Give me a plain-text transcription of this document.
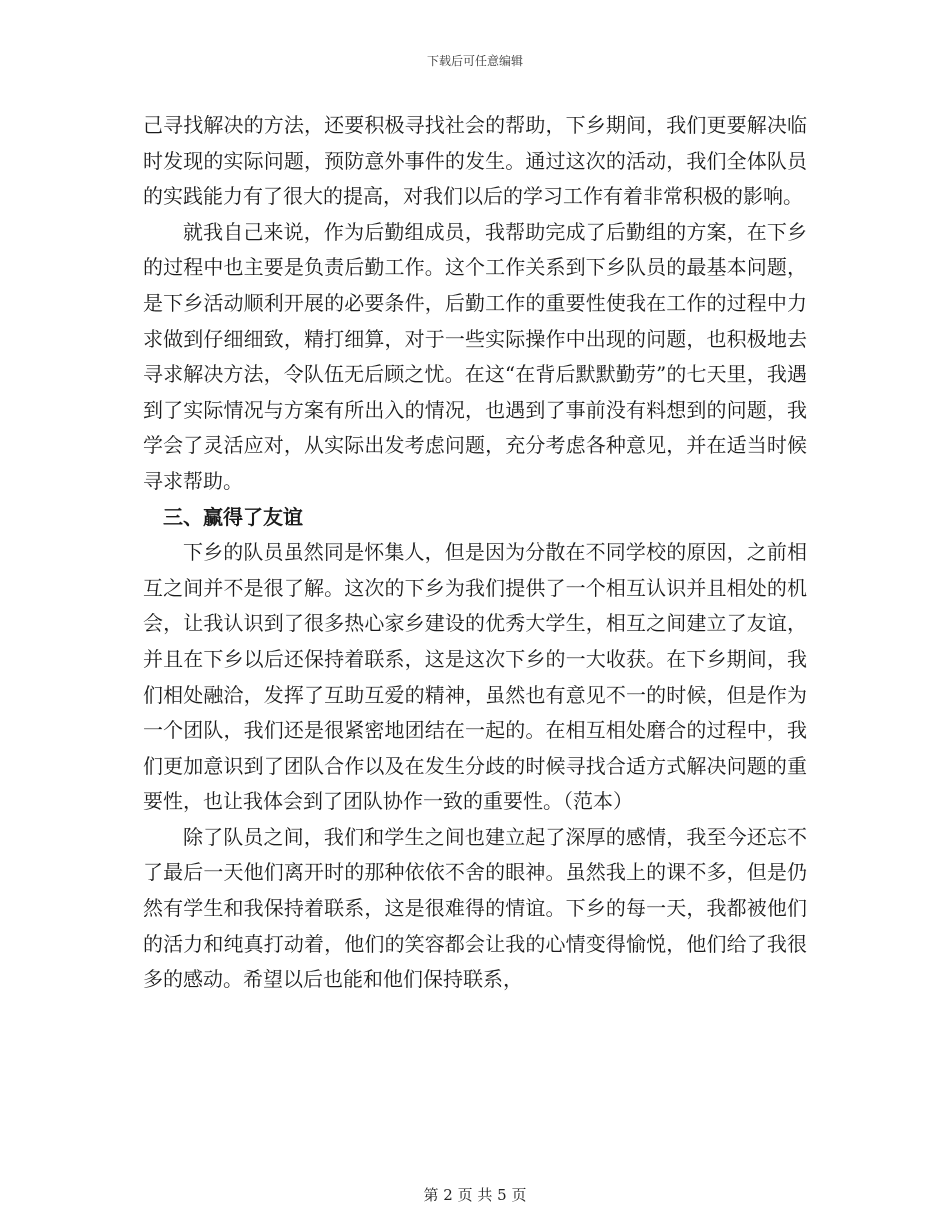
下载后可任意编辑

己寻找解决的方法，还要积极寻找社会的帮助，下乡期间，我们更要解决临时发现的实际问题，预防意外事件的发生。通过这次的活动，我们全体队员的实践能力有了很大的提高，对我们以后的学习工作有着非常积极的影响。

就我自己来说，作为后勤组成员，我帮助完成了后勤组的方案，在下乡的过程中也主要是负责后勤工作。这个工作关系到下乡队员的最基本问题，是下乡活动顺利开展的必要条件，后勤工作的重要性使我在工作的过程中力求做到仔细细致，精打细算，对于一些实际操作中出现的问题，也积极地去寻求解决方法，令队伍无后顾之忧。在这“在背后默默勤劳”的七天里，我遇到了实际情况与方案有所出入的情况，也遇到了事前没有料想到的问题，我学会了灵活应对，从实际出发考虑问题，充分考虑各种意见，并在适当时候寻求帮助。

三、赢得了友谊

下乡的队员虽然同是怀集人，但是因为分散在不同学校的原因，之前相互之间并不是很了解。这次的下乡为我们提供了一个相互认识并且相处的机会，让我认识到了很多热心家乡建设的优秀大学生，相互之间建立了友谊，并且在下乡以后还保持着联系，这是这次下乡的一大收获。在下乡期间，我们相处融洽，发挥了互助互爱的精神，虽然也有意见不一的时候，但是作为一个团队，我们还是很紧密地团结在一起的。在相互相处磨合的过程中，我们更加意识到了团队合作以及在发生分歧的时候寻找合适方式解决问题的重要性，也让我体会到了团队协作一致的重要性。（范本）

除了队员之间，我们和学生之间也建立起了深厚的感情，我至今还忘不了最后一天他们离开时的那种依依不舍的眼神。虽然我上的课不多，但是仍然有学生和我保持着联系，这是很难得的情谊。下乡的每一天，我都被他们的活力和纯真打动着，他们的笑容都会让我的心情变得愉悦，他们给了我很多的感动。希望以后也能和他们保持联系，

第 2 页 共 5 页
